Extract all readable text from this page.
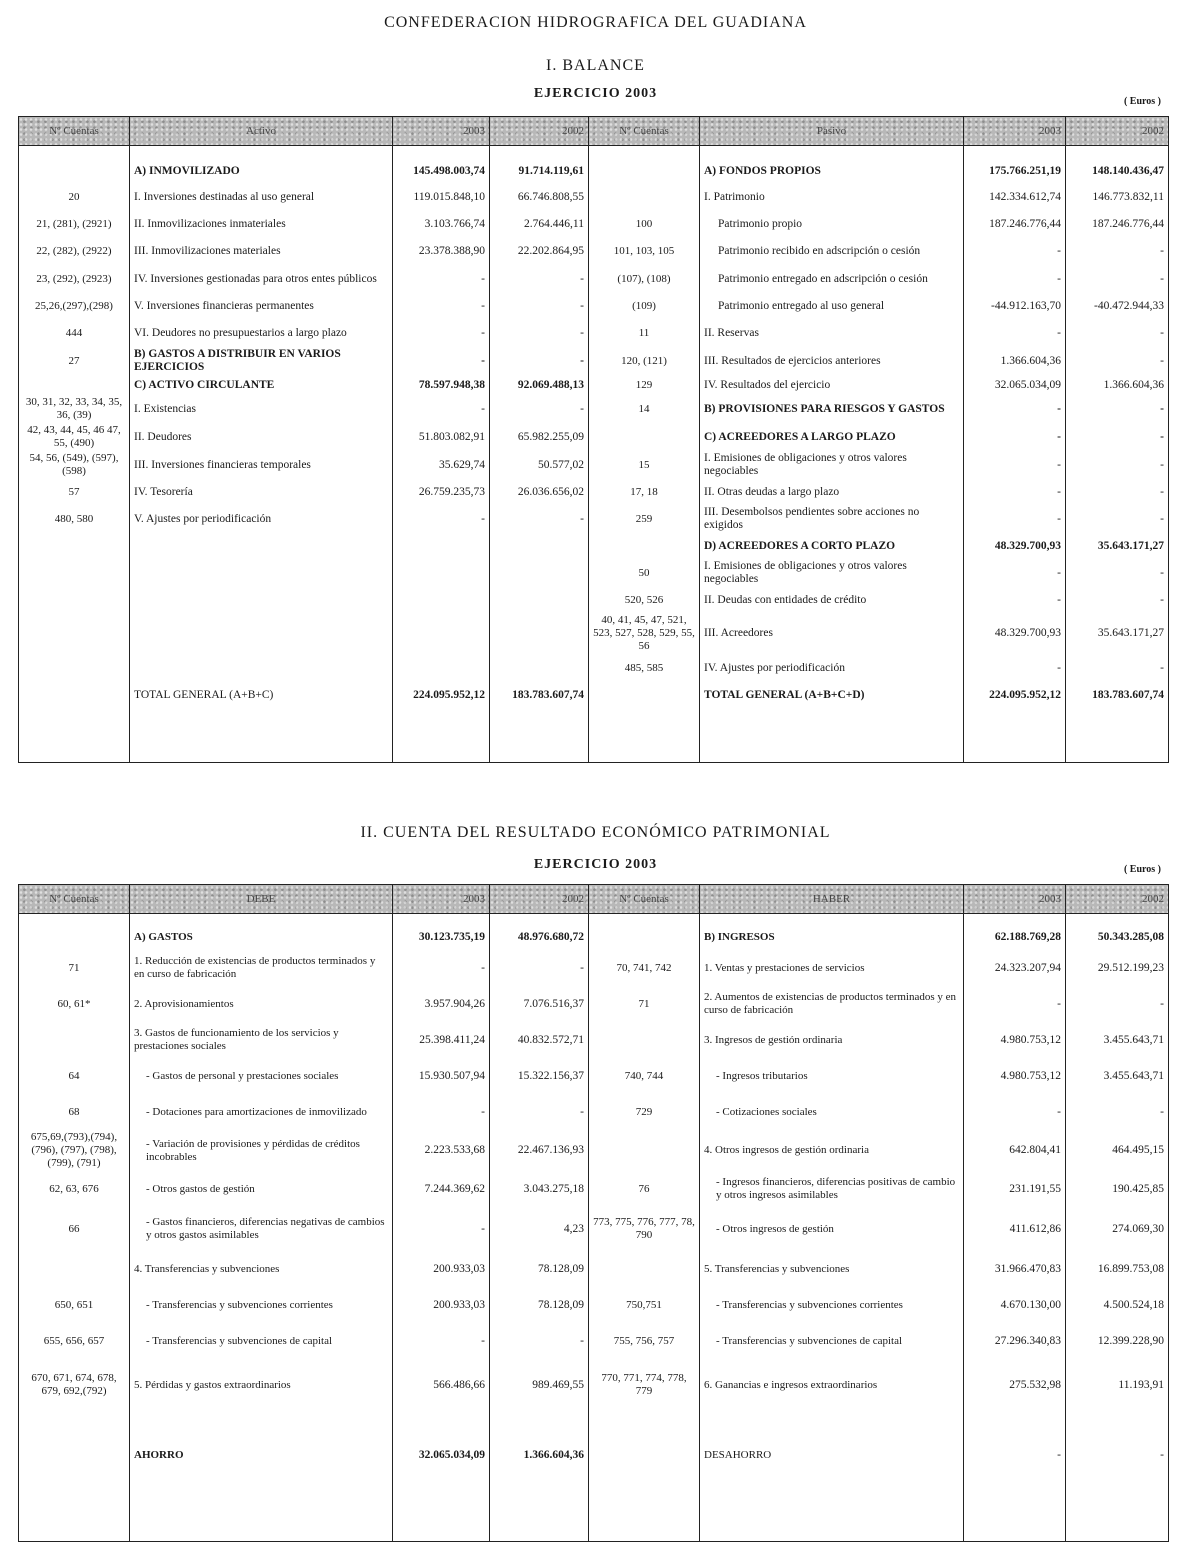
CONFEDERACION HIDROGRAFICA DEL GUADIANA
I. BALANCE
EJERCICIO 2003
( Euros )
Nº Cuentas	Activo	2003	2002	Nº Cuentas	Pasivo	2003	2002

	A) INMOVILIZADO	145.498.003,74	91.714.119,61		A) FONDOS PROPIOS	175.766.251,19	148.140.436,47
20	I. Inversiones destinadas al uso general	119.015.848,10	66.746.808,55		I. Patrimonio	142.334.612,74	146.773.832,11
21, (281), (2921)	II. Inmovilizaciones inmateriales	3.103.766,74	2.764.446,11	100	Patrimonio propio	187.246.776,44	187.246.776,44
22, (282), (2922)	III. Inmovilizaciones materiales	23.378.388,90	22.202.864,95	101, 103, 105	Patrimonio recibido en adscripción o cesión	-	-
23, (292), (2923)	IV. Inversiones gestionadas para otros entes públicos	-	-	(107), (108)	Patrimonio entregado en adscripción o cesión	-	-
25,26,(297),(298)	V. Inversiones financieras permanentes	-	-	(109)	Patrimonio entregado al uso general	-44.912.163,70	-40.472.944,33
444	VI. Deudores no presupuestarios a largo plazo	-	-	11	II. Reservas	-	-
27	B) GASTOS A DISTRIBUIR EN VARIOS EJERCICIOS	-	-	120, (121)	III. Resultados de ejercicios anteriores	1.366.604,36	-
	C) ACTIVO CIRCULANTE	78.597.948,38	92.069.488,13	129	IV. Resultados del ejercicio	32.065.034,09	1.366.604,36
30, 31, 32, 33, 34, 35, 36, (39)	I. Existencias	-	-	14	B) PROVISIONES PARA RIESGOS Y GASTOS	-	-
42, 43, 44, 45, 46 47, 55, (490)	II. Deudores	51.803.082,91	65.982.255,09		C) ACREEDORES A LARGO PLAZO	-	-
54, 56, (549), (597), (598)	III. Inversiones financieras temporales	35.629,74	50.577,02	15	I. Emisiones de obligaciones y otros valores negociables	-	-
57	IV. Tesorería	26.759.235,73	26.036.656,02	17, 18	II. Otras deudas a largo plazo	-	-
480, 580	V. Ajustes por periodificación	-	-	259	III. Desembolsos pendientes sobre acciones no exigidos	-	-
					D) ACREEDORES A CORTO PLAZO	48.329.700,93	35.643.171,27
				50	I. Emisiones de obligaciones y otros valores negociables	-	-
				520, 526	II. Deudas con entidades de crédito	-	-
				40, 41, 45, 47, 521, 523, 527, 528, 529, 55, 56	III. Acreedores	48.329.700,93	35.643.171,27
				485, 585	IV. Ajustes por periodificación	-	-
	TOTAL GENERAL (A+B+C)	224.095.952,12	183.783.607,74		TOTAL GENERAL (A+B+C+D)	224.095.952,12	183.783.607,74

II. CUENTA DEL RESULTADO ECONÓMICO PATRIMONIAL
EJERCICIO 2003	( Euros )
Nº Cuentas	DEBE	2003	2002	Nº Cuentas	HABER	2003	2002

	A) GASTOS	30.123.735,19	48.976.680,72		B) INGRESOS	62.188.769,28	50.343.285,08
71	1. Reducción de existencias de productos terminados y en curso de fabricación	-	-	70, 741, 742	1. Ventas y prestaciones de servicios	24.323.207,94	29.512.199,23
60, 61*	2. Aprovisionamientos	3.957.904,26	7.076.516,37	71	2. Aumentos de existencias de productos terminados y en curso de fabricación	-	-
	3. Gastos de funcionamiento de los servicios y prestaciones sociales	25.398.411,24	40.832.572,71		3. Ingresos de gestión ordinaria	4.980.753,12	3.455.643,71
64	- Gastos de personal y prestaciones sociales	15.930.507,94	15.322.156,37	740, 744	- Ingresos tributarios	4.980.753,12	3.455.643,71
68	- Dotaciones para amortizaciones de inmovilizado	-	-	729	- Cotizaciones sociales	-	-
675,69,(793),(794), (796), (797), (798), (799), (791)	- Variación de provisiones y pérdidas de créditos incobrables	2.223.533,68	22.467.136,93		4. Otros ingresos de gestión ordinaria	642.804,41	464.495,15
62, 63, 676	- Otros gastos de gestión	7.244.369,62	3.043.275,18	76	- Ingresos financieros, diferencias positivas de cambio y otros ingresos asimilables	231.191,55	190.425,85
66	- Gastos financieros, diferencias negativas de cambios y otros gastos asimilables	-	4,23	773, 775, 776, 777, 78, 790	- Otros ingresos de gestión	411.612,86	274.069,30
	4. Transferencias y subvenciones	200.933,03	78.128,09		5. Transferencias y subvenciones	31.966.470,83	16.899.753,08
650, 651	- Transferencias y subvenciones corrientes	200.933,03	78.128,09	750,751	- Transferencias y subvenciones corrientes	4.670.130,00	4.500.524,18
655, 656, 657	- Transferencias y subvenciones de capital	-	-	755, 756, 757	- Transferencias y subvenciones de capital	27.296.340,83	12.399.228,90
670, 671, 674, 678, 679, 692,(792)	5. Pérdidas y gastos extraordinarios	566.486,66	989.469,55	770, 771, 774, 778, 779	6. Ganancias e ingresos extraordinarios	275.532,98	11.193,91
	AHORRO	32.065.034,09	1.366.604,36		DESAHORRO	-	-
